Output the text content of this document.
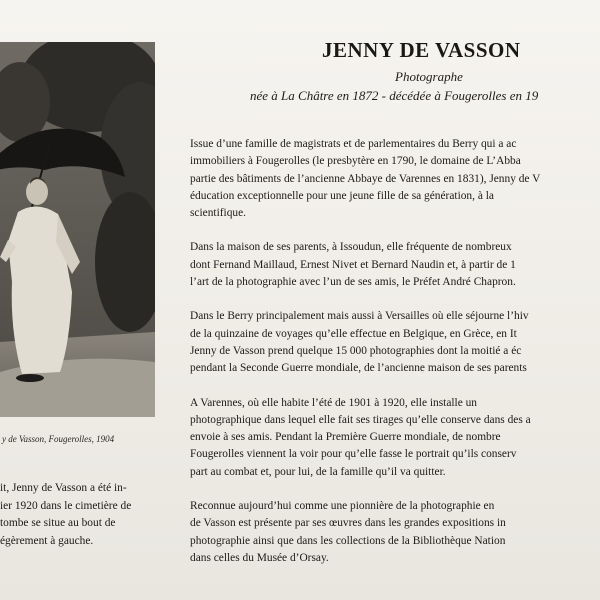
y de Vasson, Fougerolles, 1904
it, Jenny de Vasson a été in-
ier 1920 dans le cimetière de
tombe se situe au bout de
égèrement à gauche.
JENNY DE VASSON
Photographe
née à La Châtre en 1872 - décédée à Fougerolles en 19
Issue d’une famille de magistrats et de parlementaires du Berry qui a ac
immobiliers à Fougerolles (le presbytère en 1790, le domaine de L’Abba
partie des bâtiments de l’ancienne Abbaye de Varennes en 1831), Jenny de V
éducation exceptionnelle pour une jeune fille de sa génération, à la
scientifique.
Dans la maison de ses parents, à Issoudun, elle fréquente de nombreux
dont Fernand Maillaud, Ernest Nivet et Bernard Naudin et, à partir de 1
l’art de la photographie avec l’un de ses amis, le Préfet André Chapron.
Dans le Berry principalement mais aussi à Versailles où elle séjourne l’hiv
de la quinzaine de voyages qu’elle effectue en Belgique, en Grèce, en It
Jenny de Vasson prend quelque 15 000 photographies dont la moitié a éc
pendant la Seconde Guerre mondiale, de l’ancienne maison de ses parents
A Varennes, où elle habite l’été de 1901 à 1920, elle installe un
photographique dans lequel elle fait ses tirages qu’elle conserve dans des a
envoie à ses amis. Pendant la Première Guerre mondiale, de nombre
Fougerolles viennent la voir pour qu’elle fasse le portrait qu’ils conserv
part au combat et, pour lui, de la famille qu’il va quitter.
Reconnue aujourd’hui comme une pionnière de la photographie en
de Vasson est présente par ses œuvres dans les grandes expositions in
photographie ainsi que dans les collections de la Bibliothèque Nation
dans celles du Musée d’Orsay.
